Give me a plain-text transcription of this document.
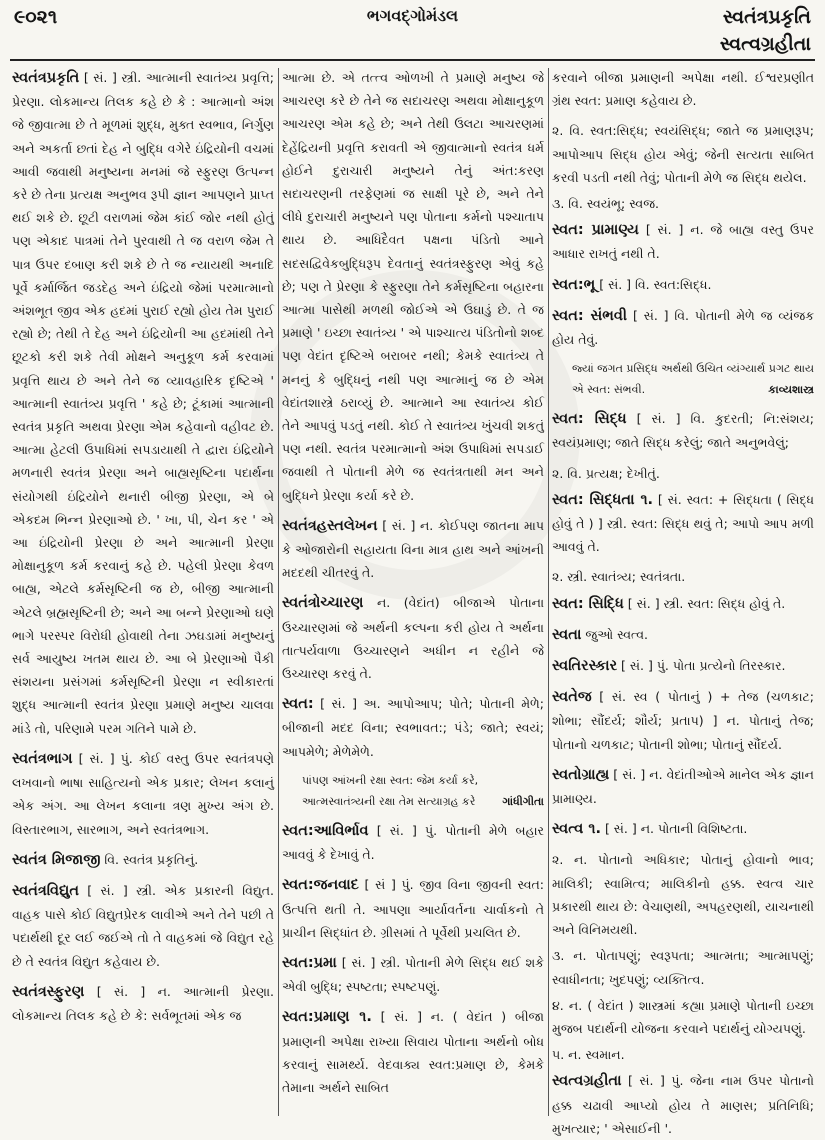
૯૦૨૧	ભગવદ્ગોમંડલ	સ્વતંત્રપ્રકૃતિ
સ્વત્વગ્રહીતા
સ્વતંત્રપ્રકૃતિ [ સં. ] સ્ત્રી. આત્માની સ્વાતંત્ર્ય પ્રવૃત્તિ; પ્રેરણા. લોકમાન્ય તિલક કહે છે કે : આત્માનો અંશ જે જીવાત્મા છે તે મૂળમાં શુદ્ધ, મુક્ત સ્વભાવ, નિર્ગુણ અને અકર્તા છતાં દેહ ને બુદ્ધિ વગેરે ઇંદ્રિયોની વચમાં આવી જવાથી મનુષ્યના મનમાં જે સ્ફુરણ ઉત્પન્ન કરે છે તેના પ્રત્યક્ષ અનુભવ રૂપી જ્ઞાન આપણને પ્રાપ્ત થઈ શકે છે. છૂટી વરાળમાં જેમ કાંઈ જોર નથી હોતું પણ એકાદ પાત્રમાં તેને પુરવાથી તે જ વરાળ જેમ તે પાત્ર ઉપર દબાણ કરી શકે છે તે જ ન્યાયથી અનાદિ પૂર્વે કર્માર્જિત જડદેહ અને ઇંદ્રિયો જેમાં પરમાત્માનો અંશભૂત જીવ એક હદમાં પુરાઈ રહ્યો હોય તેમ પુરાઈ રહ્યો છે; તેથી તે દેહ અને ઇંદ્રિયોની આ હદમાંથી તેને છૂટકો કરી શકે તેવી મોક્ષને અનુકૂળ કર્મ કરવામાં પ્રવૃત્તિ થાય છે અને તેને જ વ્યાવહારિક દૃષ્ટિએ ' આત્માની સ્વાતંત્ર્ય પ્રવૃત્તિ ' કહે છે; ટૂંકામાં આત્માની સ્વતંત્ર પ્રકૃતિ અથવા પ્રેરણા એમ કહેવાનો વહીવટ છે. આત્મા હેટલી ઉપાધિમાં સપડાયાથી તે દ્વારા ઇંદ્રિયોને મળનારી સ્વતંત્ર પ્રેરણા અને બાહ્યસૃષ્ટિના પદાર્થના સંયોગથી ઇંદ્રિયોને થનારી બીજી પ્રેરણા, એ બે એકદમ ભિન્ન પ્રેરણાઓ છે. ' ખા, પી, ચેન કર ' એ આ ઇંદ્રિયોની પ્રેરણા છે અને આત્માની પ્રેરણા મોક્ષાનુકૂળ કર્મ કરવાનું કહે છે. પહેલી પ્રેરણા કેવળ બાહ્ય, એટલે કર્મસૃષ્ટિની જ છે, બીજી આત્માની એટલે બ્રહ્મસૃષ્ટિની છે; અને આ બન્ને પ્રેરણાઓ ઘણે ભાગે પરસ્પર વિરોધી હોવાથી તેના ઝઘડામાં મનુષ્યનું સર્વ આયુષ્ય ખતમ થાય છે. આ બે પ્રેરણાઓ પૈકી સંશયના પ્રસંગમાં કર્મસૃષ્ટિની પ્રેરણા ન સ્વીકારતાં શુદ્ધ આત્માની સ્વતંત્ર પ્રેરણા પ્રમાણે મનુષ્ય ચાલવા માંડે તો, પરિણામે પરમ ગતિને પામે છે.
સ્વતંત્રભાગ [ સં. ] પું. કોઈ વસ્તુ ઉપર સ્વતંત્રપણે લખવાનો ભાષા સાહિત્યનો એક પ્રકાર; લેખન કલાનું એક અંગ. આ લેખન કલાના ત્રણ મુખ્ય અંગ છે. વિસ્તારભાગ, સારભાગ, અને સ્વતંત્રભાગ.
સ્વતંત્ર મિજાજી વિ. સ્વતંત્ર પ્રકૃતિનું.
સ્વતંત્રવિદ્યુત [ સં. ] સ્ત્રી. એક પ્રકારની વિદ્યુત. વાહક પાસે કોઈ વિદ્યુતપ્રેરક લાવીએ અને તેને પછી તે પદાર્થથી દૂર લઈ જઈએ તો તે વાહકમાં જે વિદ્યુત રહે છે તે સ્વતંત્ર વિદ્યુત કહેવાય છે.
સ્વતંત્રસ્ફુરણ [ સં. ] ન. આત્માની પ્રેરણા. લોકમાન્ય તિલક કહે છે કે: સર્વભૂતમાં એક જ
આત્મા છે. એ તત્ત્વ ઓળખી તે પ્રમાણે મનુષ્ય જે આચરણ કરે છે તેને જ સદાચરણ અથવા મોક્ષાનુકૂળ આચરણ એમ કહે છે; અને તેથી ઉલટા આચરણમાં દેહેંદ્રિયની પ્રવૃત્તિ કરાવતી એ જીવાત્માનો સ્વતંત્ર ધર્મ હોઈને દુરાચારી મનુષ્યને તેનું અંત:કરણ સદાચરણની તરફેણમાં જ સાક્ષી પૂરે છે, અને તેને લીધે દુરાચારી મનુષ્યને પણ પોતાના કર્મનો પશ્ચાતાપ થાય છે. આધિદૈવત પક્ષના પંડિતો આને સદસદ્વિવેકબુદ્ધિરૂપ દેવતાનું સ્વતંત્રસ્ફુરણ એવું કહે છે; પણ તે પ્રેરણા કે સ્ફુરણા તેને કર્મસૃષ્ટિના બહારના આત્મા પાસેથી મળથી જોઈએ એ ઉઘાડું છે. તે જ પ્રમાણે ' ઇચ્છા સ્વાતંત્ર્ય ' એ પાશ્ચાત્ય પંડિતોનો શબ્દ પણ વેદાંત દૃષ્ટિએ બરાબર નથી; કેમકે સ્વાતંત્ર્ય તે મનનું કે બુદ્ધિનું નથી પણ આત્માનું જ છે એમ વેદાંતશાસ્ત્રે ઠરાવ્યું છે. આત્માને આ સ્વાતંત્ર્ય કોઈ તેને આપવું પડતું નથી. કોઈ તે સ્વાતંત્ર્ય ખુંચવી શકતું પણ નથી. સ્વતંત્ર પરમાત્માનો અંશ ઉપાધિમાં સપડાઈ જવાથી તે પોતાની મેળે જ સ્વતંત્રતાથી મન અને બુદ્ધિને પ્રેરણા કર્યા કરે છે.
સ્વતંત્રહસ્તલેખન [ સં. ] ન. કોઈપણ જાતના માપ કે ઓજારોની સહાયતા વિના માત્ર હાથ અને આંખની મદદથી ચીતરવું તે.
સ્વતંત્રોચ્ચારણ ન. (વેદાંત) બીજાએ પોતાના ઉચ્ચારણમાં જે અર્થની કલ્પના કરી હોય તે અર્થના તાત્પર્યવાળા ઉચ્ચારણને અધીન ન રહીને જે ઉચ્ચારણ કરવું તે.
સ્વત: [ સં. ] અ. આપોઆપ; પોતે; પોતાની મેળે; બીજાની મદદ વિના; સ્વભાવત:; પંડે; જાતે; સ્વયં; આપમેળે; મેળેમેળે.
પાંપણ આંખની રક્ષા સ્વત: જેમ કર્યા કરે, આત્મસ્વાતંત્ર્યની રક્ષા તેમ સત્યાગ્રહ કરે ગાંધીગીતા
સ્વત:આવિર્ભાવ [ સં. ] પું. પોતાની મેળે બહાર આવવું કે દેખાવું તે.
સ્વત:જનવાદ [ સં ] પું. જીવ વિના જીવની સ્વત: ઉત્પત્તિ થતી તે. આપણા આર્યાવર્તના ચાર્વાકનો તે પ્રાચીન સિદ્ધાંત છે. ગ્રીસમાં તે પૂર્વેથી પ્રચલિત છે.
સ્વત:પ્રમા [ સં. ] સ્ત્રી. પોતાની મેળે સિદ્ધ થઈ શકે એવી બુદ્ધિ; સ્પષ્ટતા; સ્પષ્ટપણું.
સ્વત:પ્રમાણ ૧. [ સં. ] ન. ( વેદાંત ) બીજા પ્રમાણની અપેક્ષા રાખ્યા સિવાય પોતાના અર્થનો બોધ કરવાનું સામર્થ્ય. વેદવાક્ય સ્વત:પ્રમાણ છે, કેમકે તેમાના અર્થને સાબિત
કરવાને બીજા પ્રમાણની અપેક્ષા નથી. ઈશ્વરપ્રણીત ગ્રંથ સ્વત: પ્રમાણ કહેવાય છે.
૨. વિ. સ્વત:સિદ્ધ; સ્વયંસિદ્ધ; જાતે જ પ્રમાણરૂપ; આપોઆપ સિદ્ધ હોય એવું; જેની સત્યતા સાબિત કરવી પડતી નથી તેવું; પોતાની મેળે જ સિદ્ધ થયેલ.
૩. વિ. સ્વયંભૂ; સ્વજ.
સ્વત: પ્રામાણ્ય [ સં. ] ન. જે બાહ્ય વસ્તુ ઉપર આધાર રાખતું નથી તે.
સ્વત:ભૂ [ સં. ] વિ. સ્વત:સિદ્ધ.
સ્વત: સંભવી [ સં. ] વિ. પોતાની મેળે જ વ્યંજક હોય તેવું.
જ્યાં જગત પ્રસિદ્ધ અર્થથી ઉચિત વ્યંગ્યાર્થ પ્રગટ થાય એ સ્વત: સંભવી.	કાવ્યશાસ્ત્ર
સ્વત: સિદ્ધ [ સં. ] વિ. કુદરતી; નિ:સંશય; સ્વયંપ્રમાણ; જાતે સિદ્ધ કરેલું; જાતે અનુભવેલું;
૨. વિ. પ્રત્યક્ષ; દેખીતું.
સ્વત: સિદ્ધતા ૧. [ સં. સ્વત: + સિદ્ધતા ( સિદ્ધ હોવું તે ) ] સ્ત્રી. સ્વત: સિદ્ધ થવું તે; આપો આપ મળી આવવું તે.
૨. સ્ત્રી. સ્વાતંત્ર્ય; સ્વતંત્રતા.
સ્વત: સિદ્ધિ [ સં. ] સ્ત્રી. સ્વત: સિદ્ધ હોવું તે.
સ્વતા જુઓ સ્વત્વ.
સ્વતિરસ્કાર [ સં. ] પું. પોતા પ્રત્યેનો તિરસ્કાર.
સ્વતેજ [ સં. સ્વ ( પોતાનું ) + તેજ (ચળકાટ; શોભા; સૌંદર્ય; શૌર્ય; પ્રતાપ) ] ન. પોતાનું તેજ; પોતાનો ચળકાટ; પોતાની શોભા; પોતાનું સૌંદર્ય.
સ્વતોગ્રાહ્ય [ સં. ] ન. વેદાંતીઓએ માનેલ એક જ્ઞાન પ્રામાણ્ય.
સ્વત્વ ૧. [ સં. ] ન. પોતાની વિશિષ્ટતા.
૨. ન. પોતાનો અધિકાર; પોતાનું હોવાનો ભાવ; માલિકી; સ્વામિત્વ; માલિકીનો હક્ક. સ્વત્વ ચાર પ્રકારથી થાય છે: વેચાણથી, અપહરણથી, યાચનાથી અને વિનિમયથી.
૩. ન. પોતાપણું; સ્વરૂપતા; આત્મતા; આત્માપણું; સ્વાધીનતા; ખુદપણું; વ્યક્તિત્વ.
૪. ન. ( વેદાંત ) શાસ્ત્રમાં કહ્યા પ્રમાણે પોતાની ઇચ્છા મુજબ પદાર્થની યોજના કરવાને પદાર્થનું યોગ્યપણું.
૫. ન. સ્વમાન.
સ્વત્વગ્રહીતા [ સં. ] પું. જેના નામ ઉપર પોતાનો હક્ક ચઢાવી આપ્યો હોય તે માણસ; પ્રતિનિધિ; મુખત્યાર; ' એસાઈની '.
